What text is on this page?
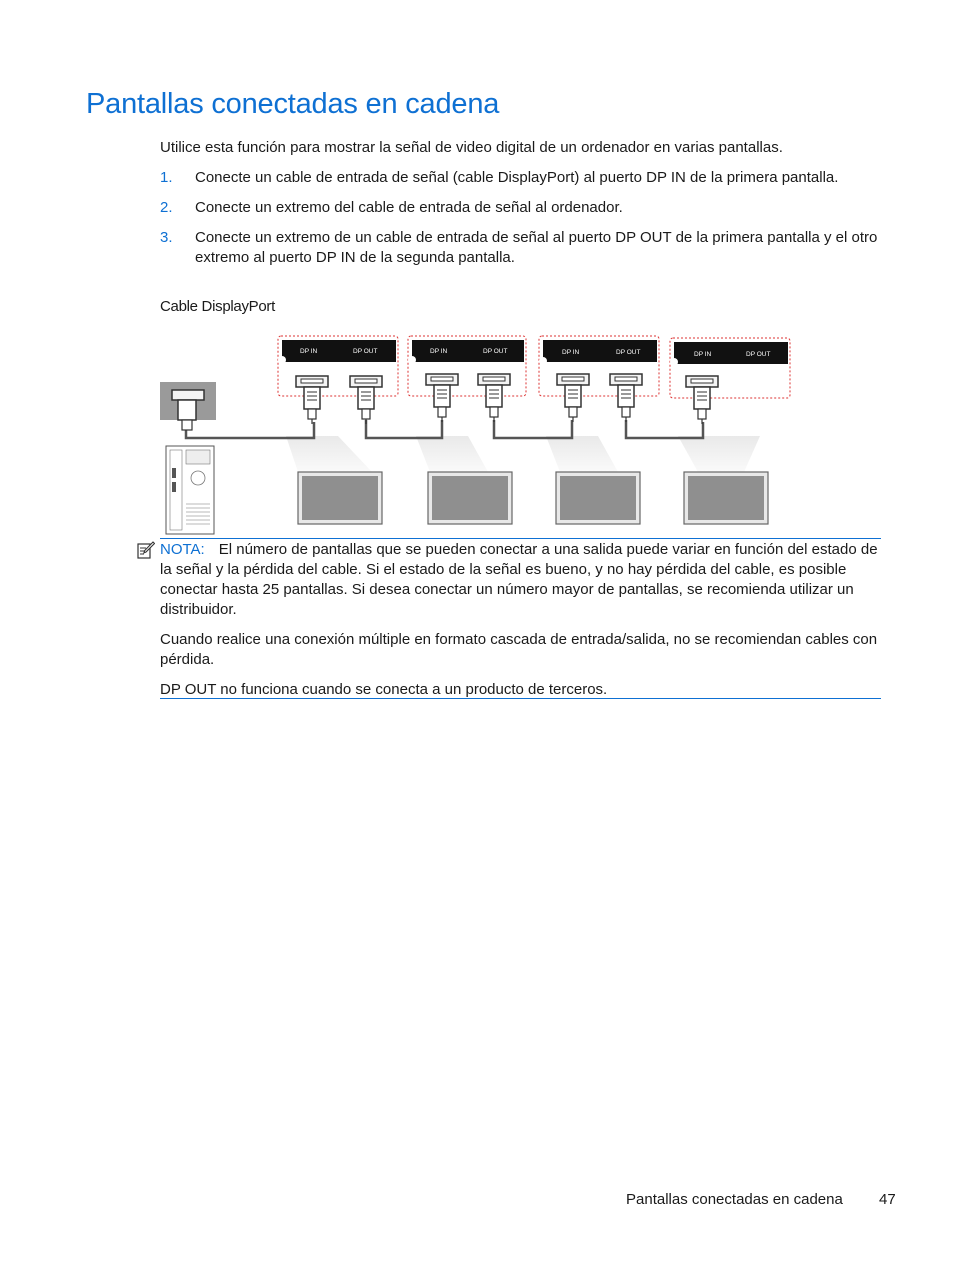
Pantallas conectadas en cadena

Utilice esta función para mostrar la señal de video digital de un ordenador en varias pantallas.

1. Conecte un cable de entrada de señal (cable DisplayPort) al puerto DP IN de la primera pantalla.
2. Conecte un extremo del cable de entrada de señal al ordenador.
3. Conecte un extremo de un cable de entrada de señal al puerto DP OUT de la primera pantalla y el otro extremo al puerto DP IN de la segunda pantalla.

Cable DisplayPort

DP IN	DP OUT	DP IN	DP OUT	DP IN	DP OUT	DP IN	DP OUT

NOTA: El número de pantallas que se pueden conectar a una salida puede variar en función del estado de la señal y la pérdida del cable. Si el estado de la señal es bueno, y no hay pérdida del cable, es posible conectar hasta 25 pantallas. Si desea conectar un número mayor de pantallas, se recomienda utilizar un distribuidor.

Cuando realice una conexión múltiple en formato cascada de entrada/salida, no se recomiendan cables con pérdida.

DP OUT no funciona cuando se conecta a un producto de terceros.

Pantallas conectadas en cadena 47
